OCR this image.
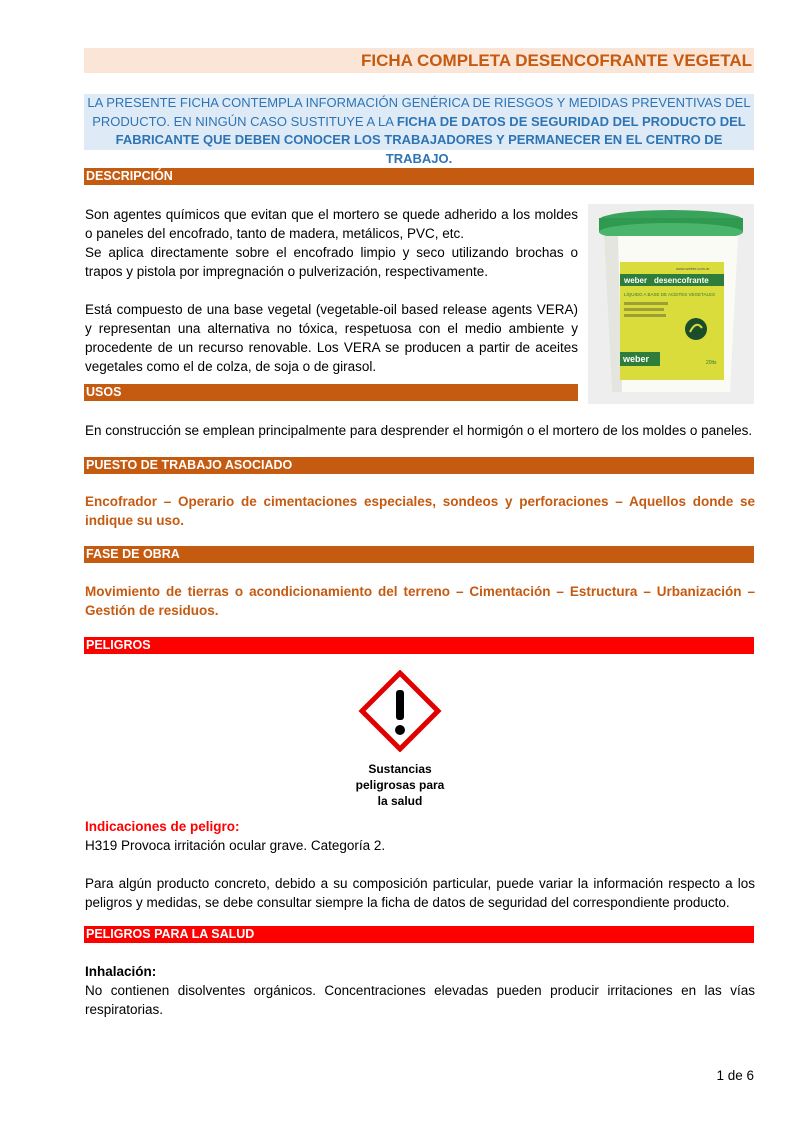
FICHA COMPLETA DESENCOFRANTE VEGETAL
LA PRESENTE FICHA CONTEMPLA INFORMACIÓN GENÉRICA DE RIESGOS Y MEDIDAS PREVENTIVAS DEL PRODUCTO. EN NINGÚN CASO SUSTITUYE A LA FICHA DE DATOS DE SEGURIDAD DEL PRODUCTO DEL FABRICANTE QUE DEBEN CONOCER LOS TRABAJADORES Y PERMANECER EN EL CENTRO DE TRABAJO.
DESCRIPCIÓN
Son agentes químicos que evitan que el mortero se quede adherido a los moldes o paneles del encofrado, tanto de madera, metálicos, PVC, etc.
Se aplica directamente sobre el encofrado limpio y seco utilizando brochas o trapos y pistola por impregnación o pulverización, respectivamente.
Está compuesto de una base vegetal (vegetable-oil based release agents VERA) y representan una alternativa no tóxica, respetuosa con el medio ambiente y procedente de un recurso renovable. Los VERA se producen a partir de aceites vegetales como el de colza, de soja o de girasol.
weber desencofrante
LÍQUIDO A BASE DE ACEITES VEGETALES
weber	20lts
www.weber.com.ar
USOS
En construcción se emplean principalmente para desprender el hormigón o el mortero de los moldes o paneles.
PUESTO DE TRABAJO ASOCIADO
Encofrador – Operario de cimentaciones especiales, sondeos y perforaciones – Aquellos donde se indique su uso.
FASE DE OBRA
Movimiento de tierras o acondicionamiento del terreno – Cimentación – Estructura – Urbanización – Gestión de residuos.
PELIGROS
Sustancias
peligrosas para
la salud
Indicaciones de peligro:
H319 Provoca irritación ocular grave. Categoría 2.
Para algún producto concreto, debido a su composición particular, puede variar la información respecto a los peligros y medidas, se debe consultar siempre la ficha de datos de seguridad del correspondiente producto.
PELIGROS PARA LA SALUD
Inhalación:
No contienen disolventes orgánicos. Concentraciones elevadas pueden producir irritaciones en las vías respiratorias.
1 de 6
